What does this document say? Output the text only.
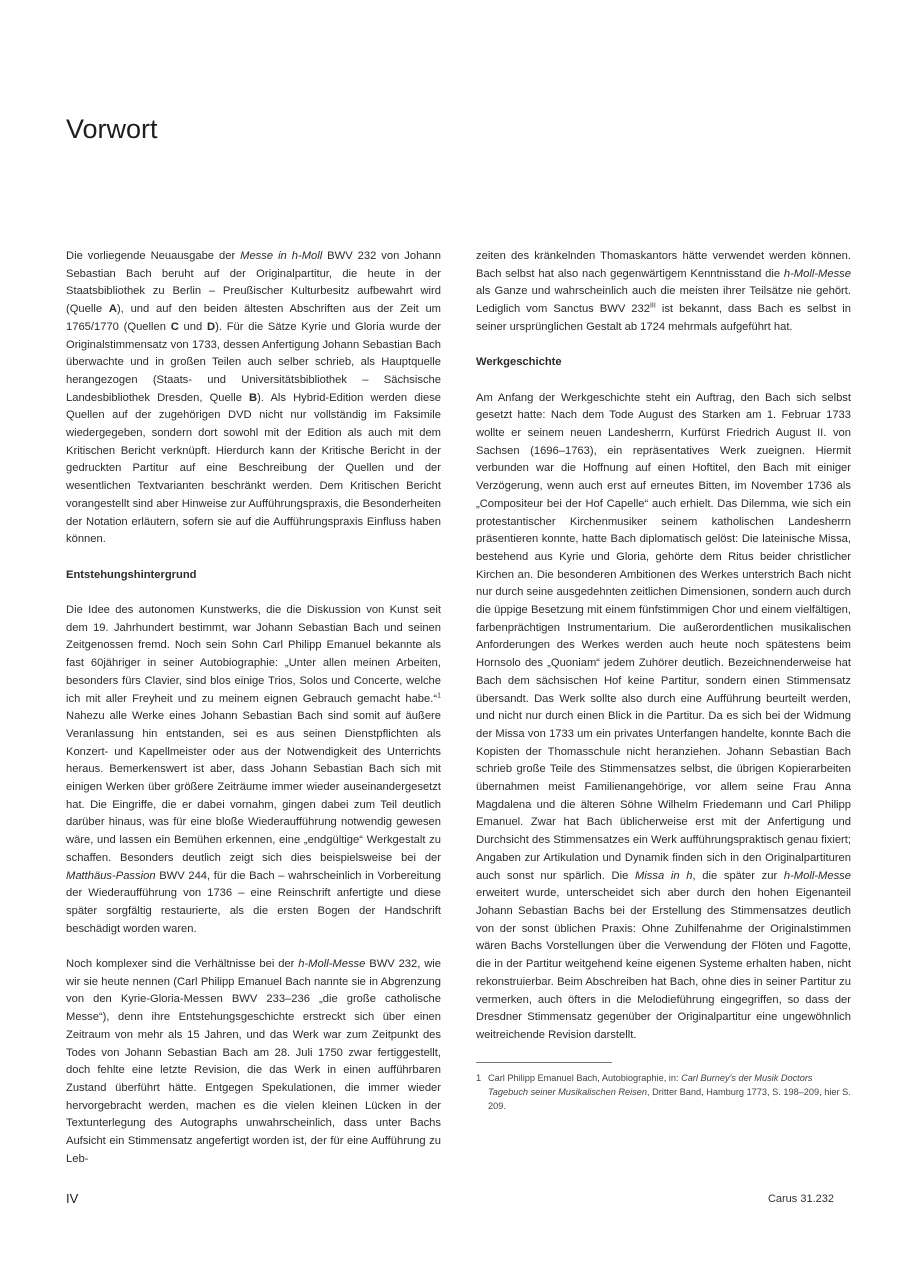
Vorwort

Die vorliegende Neuausgabe der Messe in h-Moll BWV 232 von Johann Sebastian Bach beruht auf der Originalpartitur, die heute in der Staatsbibliothek zu Berlin – Preußischer Kulturbesitz aufbewahrt wird (Quelle A), und auf den beiden ältesten Abschriften aus der Zeit um 1765/1770 (Quellen C und D). Für die Sätze Kyrie und Gloria wurde der Originalstimmensatz von 1733, dessen Anfertigung Johann Sebastian Bach überwachte und in großen Teilen auch selber schrieb, als Hauptquelle herangezogen (Staats- und Universitätsbibliothek – Sächsische Landesbibliothek Dresden, Quelle B). Als Hybrid-Edition werden diese Quellen auf der zugehörigen DVD nicht nur vollständig im Faksimile wiedergegeben, sondern dort sowohl mit der Edition als auch mit dem Kritischen Bericht verknüpft. Hierdurch kann der Kritische Bericht in der gedruckten Partitur auf eine Beschreibung der Quellen und der wesentlichen Textvarianten beschränkt werden. Dem Kritischen Bericht vorangestellt sind aber Hinweise zur Aufführungspraxis, die Besonderheiten der Notation erläutern, sofern sie auf die Aufführungspraxis Einfluss haben können.

Entstehungshintergrund

Die Idee des autonomen Kunstwerks, die die Diskussion von Kunst seit dem 19. Jahrhundert bestimmt, war Johann Sebastian Bach und seinen Zeitgenossen fremd. Noch sein Sohn Carl Philipp Emanuel bekannte als fast 60jähriger in seiner Autobiographie: „Unter allen meinen Arbeiten, besonders fürs Clavier, sind blos einige Trios, Solos und Concerte, welche ich mit aller Freyheit und zu meinem eignen Gebrauch gemacht habe.“$^1$ Nahezu alle Werke eines Johann Sebastian Bach sind somit auf äußere Veranlassung hin entstanden, sei es aus seinen Dienstpflichten als Konzert- und Kapellmeister oder aus der Notwendigkeit des Unterrichts heraus. Bemerkenswert ist aber, dass Johann Sebastian Bach sich mit einigen Werken über größere Zeiträume immer wieder auseinandergesetzt hat. Die Eingriffe, die er dabei vornahm, gingen dabei zum Teil deutlich darüber hinaus, was für eine bloße Wiederaufführung notwendig gewesen wäre, und lassen ein Bemühen erkennen, eine „endgültige“ Werkgestalt zu schaffen. Besonders deutlich zeigt sich dies beispielsweise bei der Matthäus-Passion BWV 244, für die Bach – wahrscheinlich in Vorbereitung der Wiederaufführung von 1736 – eine Reinschrift anfertigte und diese später sorgfältig restaurierte, als die ersten Bogen der Handschrift beschädigt worden waren.

Noch komplexer sind die Verhältnisse bei der h-Moll-Messe BWV 232, wie wir sie heute nennen (Carl Philipp Emanuel Bach nannte sie in Abgrenzung von den Kyrie-Gloria-Messen BWV 233–236 „die große catholische Messe“), denn ihre Entstehungsgeschichte erstreckt sich über einen Zeitraum von mehr als 15 Jahren, und das Werk war zum Zeitpunkt des Todes von Johann Sebastian Bach am 28. Juli 1750 zwar fertiggestellt, doch fehlte eine letzte Revision, die das Werk in einen aufführbaren Zustand überführt hätte. Entgegen Spekulationen, die immer wieder hervorgebracht werden, machen es die vielen kleinen Lücken in der Textunterlegung des Autographs unwahrscheinlich, dass unter Bachs Aufsicht ein Stimmensatz angefertigt worden ist, der für eine Aufführung zu Leb-

zeiten des kränkelnden Thomaskantors hätte verwendet werden können. Bach selbst hat also nach gegenwärtigem Kenntnisstand die h-Moll-Messe als Ganze und wahrscheinlich auch die meisten ihrer Teilsätze nie gehört. Lediglich vom Sanctus BWV $232^{III}$ ist bekannt, dass Bach es selbst in seiner ursprünglichen Gestalt ab 1724 mehrmals aufgeführt hat.

Werkgeschichte

Am Anfang der Werkgeschichte steht ein Auftrag, den Bach sich selbst gesetzt hatte: Nach dem Tode August des Starken am 1. Februar 1733 wollte er seinem neuen Landesherrn, Kurfürst Friedrich August II. von Sachsen (1696–1763), ein repräsentatives Werk zueignen. Hiermit verbunden war die Hoffnung auf einen Hoftitel, den Bach mit einiger Verzögerung, wenn auch erst auf erneutes Bitten, im November 1736 als „Compositeur bei der Hof Capelle“ auch erhielt. Das Dilemma, wie sich ein protestantischer Kirchenmusiker seinem katholischen Landesherrn präsentieren konnte, hatte Bach diplomatisch gelöst: Die lateinische Missa, bestehend aus Kyrie und Gloria, gehörte dem Ritus beider christlicher Kirchen an. Die besonderen Ambitionen des Werkes unterstrich Bach nicht nur durch seine ausgedehnten zeitlichen Dimensionen, sondern auch durch die üppige Besetzung mit einem fünfstimmigen Chor und einem vielfältigen, farbenprächtigen Instrumentarium. Die außerordentlichen musikalischen Anforderungen des Werkes werden auch heute noch spätestens beim Hornsolo des „Quoniam“ jedem Zuhörer deutlich. Bezeichnenderweise hat Bach dem sächsischen Hof keine Partitur, sondern einen Stimmensatz übersandt. Das Werk sollte also durch eine Aufführung beurteilt werden, und nicht nur durch einen Blick in die Partitur. Da es sich bei der Widmung der Missa von 1733 um ein privates Unterfangen handelte, konnte Bach die Kopisten der Thomasschule nicht heranziehen. Johann Sebastian Bach schrieb große Teile des Stimmensatzes selbst, die übrigen Kopierarbeiten übernahmen meist Familienangehörige, vor allem seine Frau Anna Magdalena und die älteren Söhne Wilhelm Friedemann und Carl Philipp Emanuel. Zwar hat Bach üblicherweise erst mit der Anfertigung und Durchsicht des Stimmensatzes ein Werk aufführungspraktisch genau fixiert; Angaben zur Artikulation und Dynamik finden sich in den Originalpartituren auch sonst nur spärlich. Die Missa in h, die später zur h-Moll-Messe erweitert wurde, unterscheidet sich aber durch den hohen Eigenanteil Johann Sebastian Bachs bei der Erstellung des Stimmensatzes deutlich von der sonst üblichen Praxis: Ohne Zuhilfenahme der Originalstimmen wären Bachs Vorstellungen über die Verwendung der Flöten und Fagotte, die in der Partitur weitgehend keine eigenen Systeme erhalten haben, nicht rekonstruierbar. Beim Abschreiben hat Bach, ohne dies in seiner Partitur zu vermerken, auch öfters in die Melodieführung eingegriffen, so dass der Dresdner Stimmensatz gegenüber der Originalpartitur eine ungewöhnlich weitreichende Revision darstellt.

1 Carl Philipp Emanuel Bach, Autobiographie, in: Carl Burney's der Musik Doctors Tagebuch seiner Musikalischen Reisen, Dritter Band, Hamburg 1773, S. 198–209, hier S. 209.
IV	Carus 31.232
